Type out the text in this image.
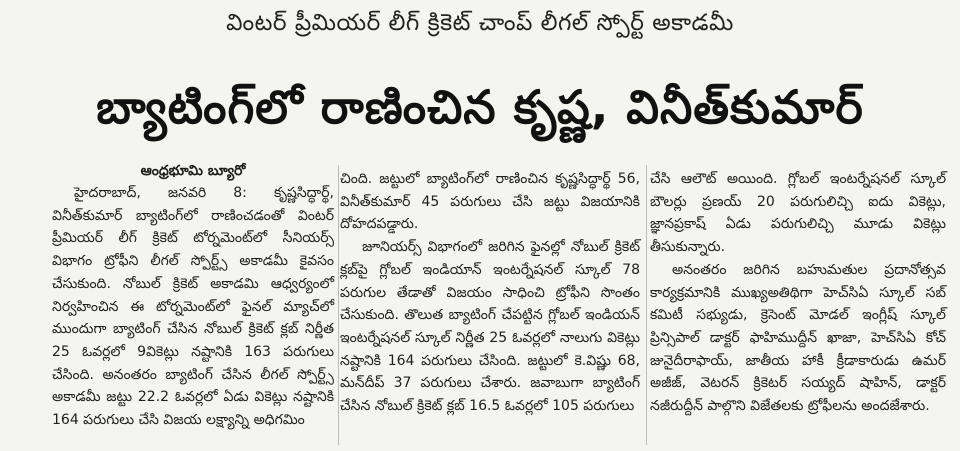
వింటర్ ప్రీమియర్ లీగ్ క్రికెట్ చాంప్ లీగల్ స్పోర్ట్ అకాడమీ
బ్యాటింగ్‌లో రాణించిన కృష్ణ, వినీత్‌కుమార్
ఆంధ్రభూమి బ్యూరో

హైదరాబాద్, జనవరి 8: కృష్ణసిద్ధార్థ్, వినీత్‌కుమార్ బ్యాటింగ్‌లో రాణించడంతో వింటర్ ప్రీమియర్ లీగ్ క్రికెట్ టోర్నమెంట్‌లో సీనియర్స్ విభాగం ట్రోఫీని లీగల్ స్పోర్ట్స్ అకాడమీ కైవసం చేసుకుంది. నోబుల్ క్రికెట్ అకాడమి ఆధ్వర్యంలో నిర్వహించిన ఈ టోర్నమెంట్‌లో ఫైనల్ మ్యాచ్‌లో ముందుగా బ్యాటింగ్ చేసిన నోబుల్ క్రికెట్ క్లబ్ నిర్ణీత 25 ఓవర్లలో 9వికెట్లు నష్టానికి 163 పరుగులు చేసింది. అనంతరం బ్యాటింగ్ చేసిన లీగల్ స్పోర్ట్స్ అకాడమీ జట్టు 22.2 ఓవర్లలో ఏడు వికెట్లు నష్టానికి 164 పరుగులు చేసి విజయ లక్ష్యాన్ని అధిగమిం

చింది. జట్టులో బ్యాటింగ్‌లో రాణించిన కృష్ణసిద్ధార్థ్ 56, వినీత్‌కుమార్ 45 పరుగులు చేసి జట్టు విజయానికి దోహదపడ్డారు.

జూనియర్స్ విభాగంలో జరిగిన ఫైనల్లో నోబుల్ క్రికెట్ క్లబ్‌పై గ్లోబల్ ఇండియాన్ ఇంటర్నేషనల్ స్కూల్ 78 పరుగుల తేడాతో విజయం సాధించి ట్రోఫీని సొంతం చేసుకుంది. తొలుత బ్యాటింగ్ చేపట్టిన గ్లోబల్ ఇండియన్ ఇంటర్నేషనల్ స్కూల్ నిర్ణీత 25 ఓవర్లలో నాలుగు వికెట్లు నష్టానికి 164 పరుగులు చేసింది. జట్టులో కె.విష్ణు 68, మన్‌దీప్ 37 పరుగులు చేశారు. జవాబుగా బ్యాటింగ్ చేసిన నోబుల్ క్రికెట్ క్లబ్ 16.5 ఓవర్లలో 105 పరుగులు

చేసి ఆలౌట్ అయింది. గ్లోబల్ ఇంటర్నేషనల్ స్కూల్ బౌలర్లు ప్రణయ్ 20 పరుగులిచ్చి ఐదు వికెట్లు, జ్ఞానప్రకాష్ ఏడు పరుగులిచ్చి మూడు వికెట్లు తీసుకున్నారు.

అనంతరం జరిగిన బహుమతుల ప్రదానోత్సవ కార్యక్రమానికి ముఖ్యఅతిథిగా హెచ్‌సిఏ స్కూల్ సబ్ కమిటీ సభ్యుడు, క్రెసెంట్ మోడల్ ఇంగ్లీష్ స్కూల్ ప్రిన్సిపాల్ డాక్టర్ ఫాహిముద్దీన్ ఖాజా, హెచ్‌సిఏ కోచ్ జునైదీరాఫాయ్, జాతీయ హాకీ క్రీడాకారుడు ఉమర్ అజీజ్, వెటరన్ క్రికెటర్ సయ్యద్ షాహిన్, డాక్టర్ నజీరుద్దీన్ పాల్గొని విజేతలకు ట్రోఫీలను అందజేశారు.
